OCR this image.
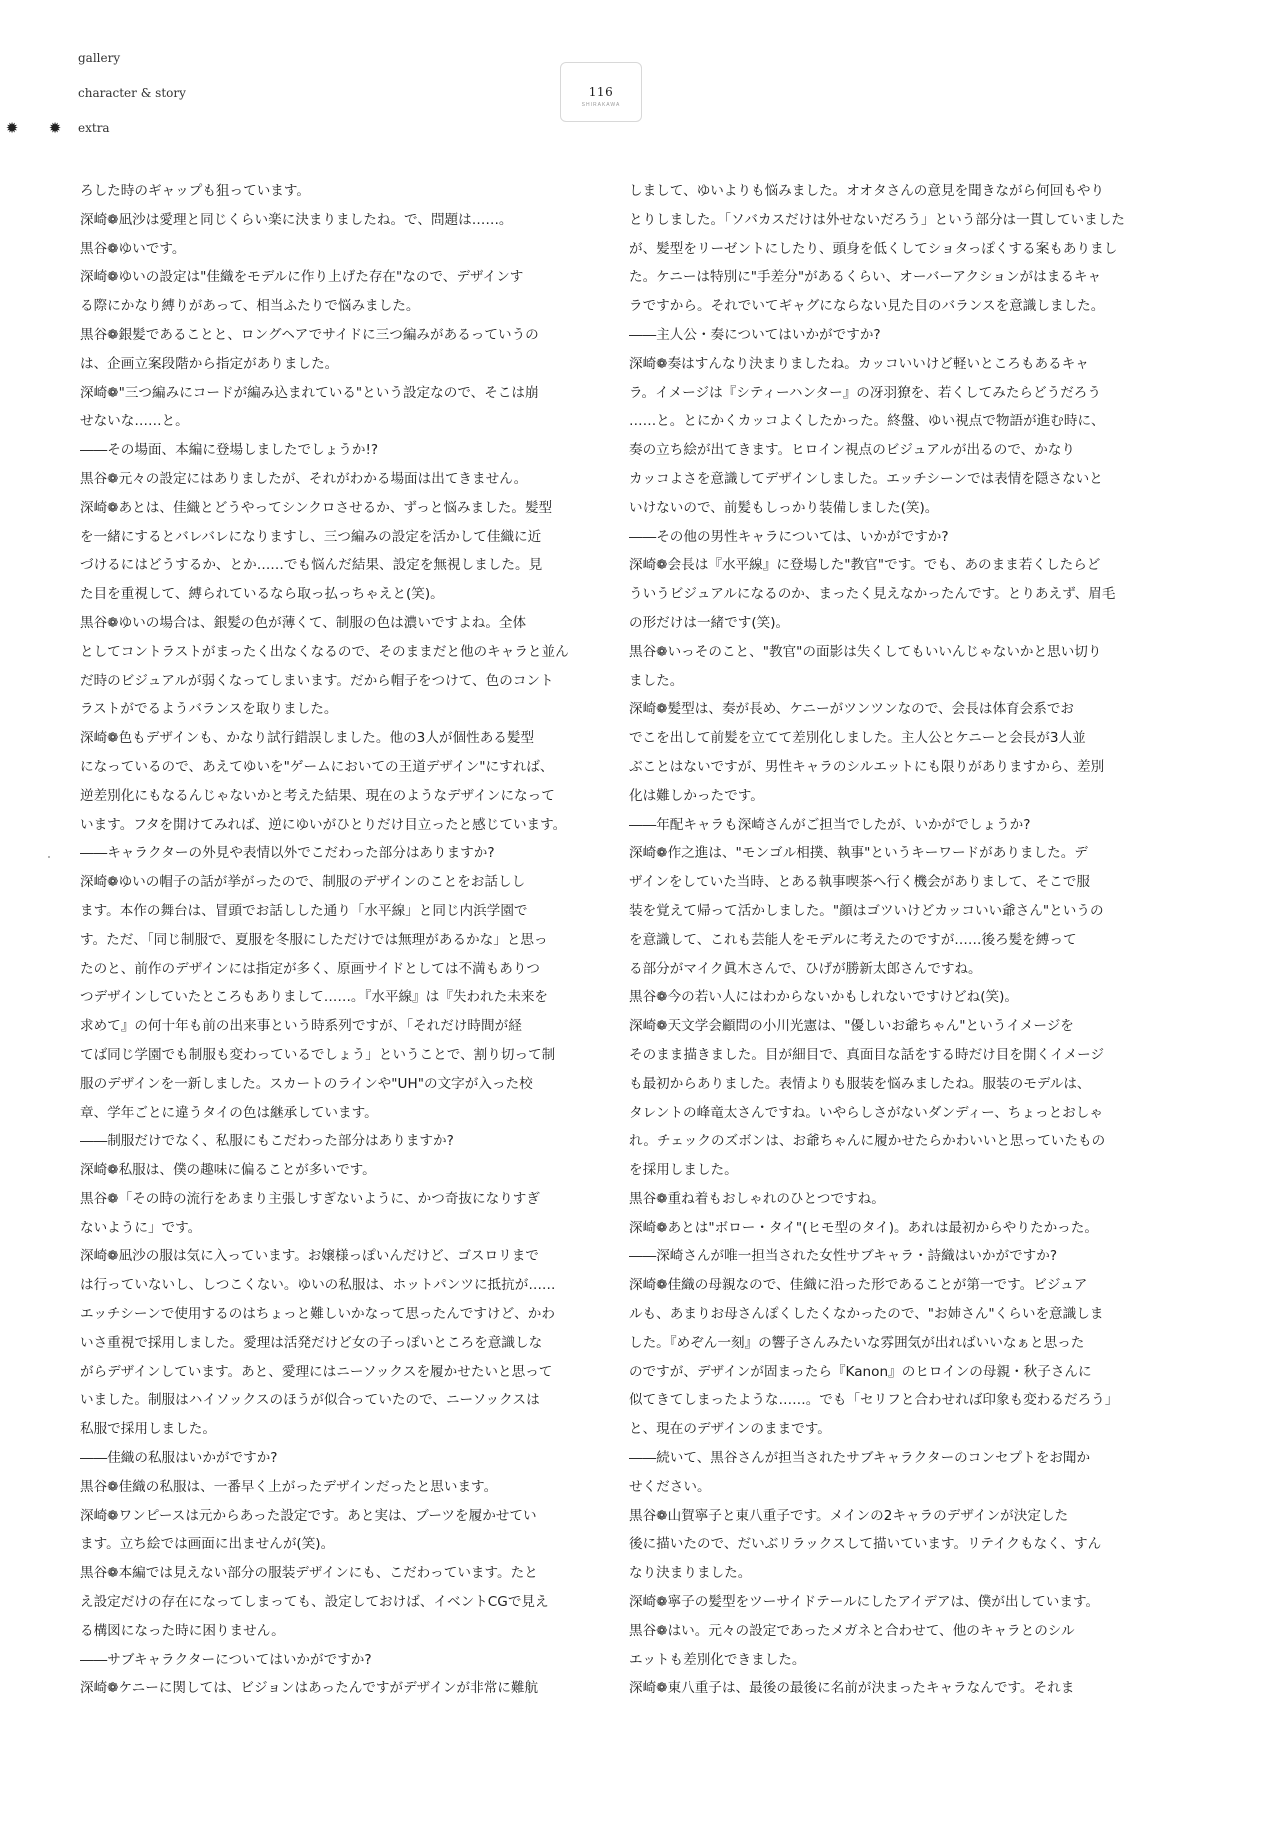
gallery
character & story
✹ ✹ extra
116
SHIRAKAWA
ろした時のギャップも狙っています。
深崎❁凪沙は愛理と同じくらい楽に決まりましたね。で、問題は……。
黒谷❁ゆいです。
深崎❁ゆいの設定は"佳織をモデルに作り上げた存在"なので、デザインす
る際にかなり縛りがあって、相当ふたりで悩みました。
黒谷❁銀髪であることと、ロングヘアでサイドに三つ編みがあるっていうの
は、企画立案段階から指定がありました。
深崎❁"三つ編みにコードが編み込まれている"という設定なので、そこは崩
せないな……と。
――その場面、本編に登場しましたでしょうか!?
黒谷❁元々の設定にはありましたが、それがわかる場面は出てきません。
深崎❁あとは、佳織とどうやってシンクロさせるか、ずっと悩みました。髪型
を一緒にするとバレバレになりますし、三つ編みの設定を活かして佳織に近
づけるにはどうするか、とか……でも悩んだ結果、設定を無視しました。見
た目を重視して、縛られているなら取っ払っちゃえと(笑)。
黒谷❁ゆいの場合は、銀髪の色が薄くて、制服の色は濃いですよね。全体
としてコントラストがまったく出なくなるので、そのままだと他のキャラと並ん
だ時のビジュアルが弱くなってしまいます。だから帽子をつけて、色のコント
ラストがでるようバランスを取りました。
深崎❁色もデザインも、かなり試行錯誤しました。他の3人が個性ある髪型
になっているので、あえてゆいを"ゲームにおいての王道デザイン"にすれば、
逆差別化にもなるんじゃないかと考えた結果、現在のようなデザインになって
います。フタを開けてみれば、逆にゆいがひとりだけ目立ったと感じています。
――キャラクターの外見や表情以外でこだわった部分はありますか?
深崎❁ゆいの帽子の話が挙がったので、制服のデザインのことをお話しし
ます。本作の舞台は、冒頭でお話しした通り「水平線」と同じ内浜学園で
す。ただ、「同じ制服で、夏服を冬服にしただけでは無理があるかな」と思っ
たのと、前作のデザインには指定が多く、原画サイドとしては不満もありつ
つデザインしていたところもありまして……。『水平線』は『失われた未来を
求めて』の何十年も前の出来事という時系列ですが、「それだけ時間が経
てば同じ学園でも制服も変わっているでしょう」ということで、割り切って制
服のデザインを一新しました。スカートのラインや"UH"の文字が入った校
章、学年ごとに違うタイの色は継承しています。
――制服だけでなく、私服にもこだわった部分はありますか?
深崎❁私服は、僕の趣味に偏ることが多いです。
黒谷❁「その時の流行をあまり主張しすぎないように、かつ奇抜になりすぎ
ないように」です。
深崎❁凪沙の服は気に入っています。お嬢様っぽいんだけど、ゴスロリまで
は行っていないし、しつこくない。ゆいの私服は、ホットパンツに抵抗が……
エッチシーンで使用するのはちょっと難しいかなって思ったんですけど、かわ
いさ重視で採用しました。愛理は活発だけど女の子っぽいところを意識しな
がらデザインしています。あと、愛理にはニーソックスを履かせたいと思って
いました。制服はハイソックスのほうが似合っていたので、ニーソックスは
私服で採用しました。
――佳織の私服はいかがですか?
黒谷❁佳織の私服は、一番早く上がったデザインだったと思います。
深崎❁ワンピースは元からあった設定です。あと実は、ブーツを履かせてい
ます。立ち絵では画面に出ませんが(笑)。
黒谷❁本編では見えない部分の服装デザインにも、こだわっています。たと
え設定だけの存在になってしまっても、設定しておけば、イベントCGで見え
る構図になった時に困りません。
――サブキャラクターについてはいかがですか?
深崎❁ケニーに関しては、ビジョンはあったんですがデザインが非常に難航
しまして、ゆいよりも悩みました。オオタさんの意見を聞きながら何回もやり
とりしました。「ソバカスだけは外せないだろう」という部分は一貫していました
が、髪型をリーゼントにしたり、頭身を低くしてショタっぽくする案もありまし
た。ケニーは特別に"手差分"があるくらい、オーバーアクションがはまるキャ
ラですから。それでいてギャグにならない見た目のバランスを意識しました。
――主人公・奏についてはいかがですか?
深崎❁奏はすんなり決まりましたね。カッコいいけど軽いところもあるキャ
ラ。イメージは『シティーハンター』の冴羽獠を、若くしてみたらどうだろう
……と。とにかくカッコよくしたかった。終盤、ゆい視点で物語が進む時に、
奏の立ち絵が出てきます。ヒロイン視点のビジュアルが出るので、かなり
カッコよさを意識してデザインしました。エッチシーンでは表情を隠さないと
いけないので、前髪もしっかり装備しました(笑)。
――その他の男性キャラについては、いかがですか?
深崎❁会長は『水平線』に登場した"教官"です。でも、あのまま若くしたらど
ういうビジュアルになるのか、まったく見えなかったんです。とりあえず、眉毛
の形だけは一緒です(笑)。
黒谷❁いっそのこと、"教官"の面影は失くしてもいいんじゃないかと思い切り
ました。
深崎❁髪型は、奏が長め、ケニーがツンツンなので、会長は体育会系でお
でこを出して前髪を立てて差別化しました。主人公とケニーと会長が3人並
ぶことはないですが、男性キャラのシルエットにも限りがありますから、差別
化は難しかったです。
――年配キャラも深崎さんがご担当でしたが、いかがでしょうか?
深崎❁作之進は、"モンゴル相撲、執事"というキーワードがありました。デ
ザインをしていた当時、とある執事喫茶へ行く機会がありまして、そこで服
装を覚えて帰って活かしました。"顔はゴツいけどカッコいい爺さん"というの
を意識して、これも芸能人をモデルに考えたのですが……後ろ髪を縛って
る部分がマイク眞木さんで、ひげが勝新太郎さんですね。
黒谷❁今の若い人にはわからないかもしれないですけどね(笑)。
深崎❁天文学会顧問の小川光憲は、"優しいお爺ちゃん"というイメージを
そのまま描きました。目が細目で、真面目な話をする時だけ目を開くイメージ
も最初からありました。表情よりも服装を悩みましたね。服装のモデルは、
タレントの峰竜太さんですね。いやらしさがないダンディー、ちょっとおしゃ
れ。チェックのズボンは、お爺ちゃんに履かせたらかわいいと思っていたもの
を採用しました。
黒谷❁重ね着もおしゃれのひとつですね。
深崎❁あとは"ボロー・タイ"(ヒモ型のタイ)。あれは最初からやりたかった。
――深崎さんが唯一担当された女性サブキャラ・詩織はいかがですか?
深崎❁佳織の母親なので、佳織に沿った形であることが第一です。ビジュア
ルも、あまりお母さんぽくしたくなかったので、"お姉さん"くらいを意識しま
した。『めぞん一刻』の響子さんみたいな雰囲気が出ればいいなぁと思った
のですが、デザインが固まったら『Kanon』のヒロインの母親・秋子さんに
似てきてしまったような……。でも「セリフと合わせれば印象も変わるだろう」
と、現在のデザインのままです。
――続いて、黒谷さんが担当されたサブキャラクターのコンセプトをお聞か
せください。
黒谷❁山賀寧子と東八重子です。メインの2キャラのデザインが決定した
後に描いたので、だいぶリラックスして描いています。リテイクもなく、すん
なり決まりました。
深崎❁寧子の髪型をツーサイドテールにしたアイデアは、僕が出しています。
黒谷❁はい。元々の設定であったメガネと合わせて、他のキャラとのシル
エットも差別化できました。
深崎❁東八重子は、最後の最後に名前が決まったキャラなんです。それま
